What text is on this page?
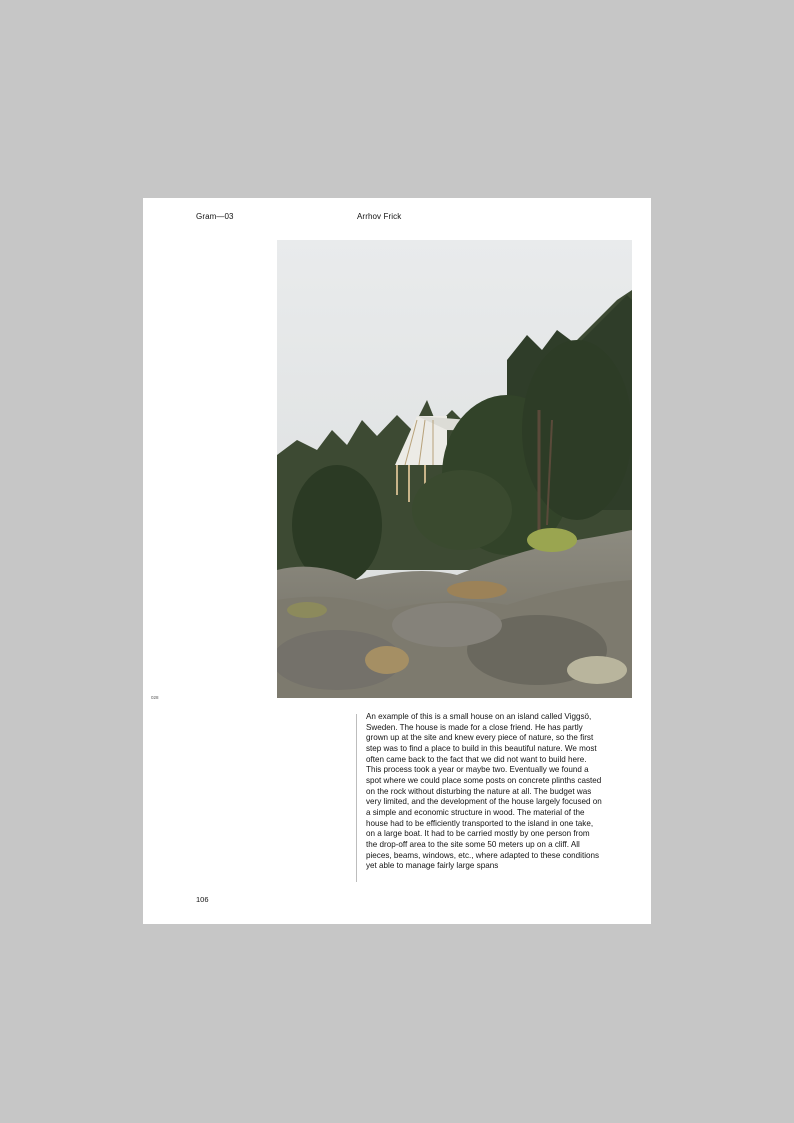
Gram—03	Arrhov Frick
028

An example of this is a small house on an island called Viggsö, Sweden. The house is made for a close friend. He has partly grown up at the site and knew every piece of nature, so the first step was to find a place to build in this beautiful nature. We most often came back to the fact that we did not want to build here. This process took a year or maybe two. Eventually we found a spot where we could place some posts on concrete plinths casted on the rock without disturbing the nature at all. The budget was very limited, and the development of the house largely focused on a simple and economic structure in wood. The material of the house had to be efficiently transported to the island in one take, on a large boat. It had to be carried mostly by one person from the drop-off area to the site some 50 meters up on a cliff. All pieces, beams, windows, etc., where adapted to these conditions yet able to manage fairly large spans

106
